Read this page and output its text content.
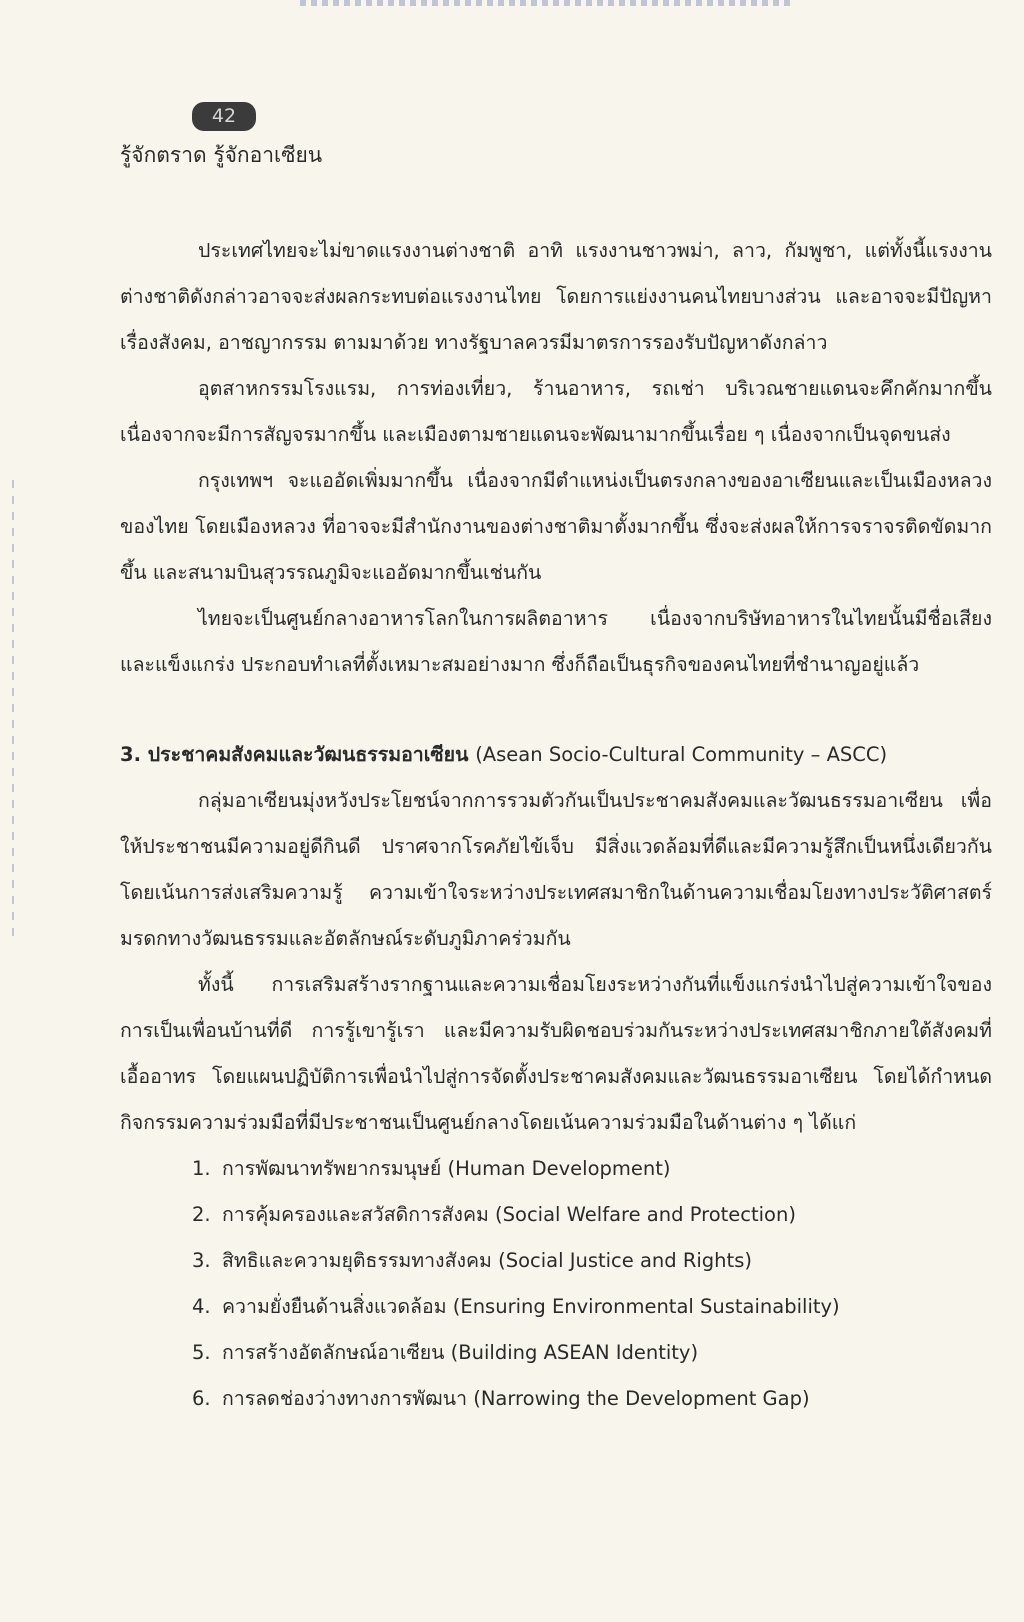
42
รู้จักตราด รู้จักอาเซียน

ประเทศไทยจะไม่ขาดแรงงานต่างชาติ อาทิ แรงงานชาวพม่า, ลาว, กัมพูชา, แต่ทั้งนี้แรงงานต่างชาติดังกล่าวอาจจะส่งผลกระทบต่อแรงงานไทย โดยการแย่งงานคนไทยบางส่วน และอาจจะมีปัญหาเรื่องสังคม, อาชญากรรม ตามมาด้วย ทางรัฐบาลควรมีมาตรการรองรับปัญหาดังกล่าว

อุตสาหกรรมโรงแรม, การท่องเที่ยว, ร้านอาหาร, รถเช่า บริเวณชายแดนจะคึกคักมากขึ้น เนื่องจากจะมีการสัญจรมากขึ้น และเมืองตามชายแดนจะพัฒนามากขึ้นเรื่อย ๆ เนื่องจากเป็นจุดขนส่ง

กรุงเทพฯ จะแออัดเพิ่มมากขึ้น เนื่องจากมีตำแหน่งเป็นตรงกลางของอาเซียนและเป็นเมืองหลวงของไทย โดยเมืองหลวง ที่อาจจะมีสำนักงานของต่างชาติมาตั้งมากขึ้น ซึ่งจะส่งผลให้การจราจรติดขัดมากขึ้น และสนามบินสุวรรณภูมิจะแออัดมากขึ้นเช่นกัน

ไทยจะเป็นศูนย์กลางอาหารโลกในการผลิตอาหาร เนื่องจากบริษัทอาหารในไทยนั้นมีชื่อเสียง และแข็งแกร่ง ประกอบทำเลที่ตั้งเหมาะสมอย่างมาก ซึ่งก็ถือเป็นธุรกิจของคนไทยที่ชำนาญอยู่แล้ว

3. ประชาคมสังคมและวัฒนธรรมอาเซียน (Asean Socio-Cultural Community – ASCC)

กลุ่มอาเซียนมุ่งหวังประโยชน์จากการรวมตัวกันเป็นประชาคมสังคมและวัฒนธรรมอาเซียน เพื่อให้ประชาชนมีความอยู่ดีกินดี ปราศจากโรคภัยไข้เจ็บ มีสิ่งแวดล้อมที่ดีและมีความรู้สึกเป็นหนึ่งเดียวกันโดยเน้นการส่งเสริมความรู้ ความเข้าใจระหว่างประเทศสมาชิกในด้านความเชื่อมโยงทางประวัติศาสตร์ มรดกทางวัฒนธรรมและอัตลักษณ์ระดับภูมิภาคร่วมกัน

ทั้งนี้ การเสริมสร้างรากฐานและความเชื่อมโยงระหว่างกันที่แข็งแกร่งนำไปสู่ความเข้าใจของการเป็นเพื่อนบ้านที่ดี การรู้เขารู้เรา และมีความรับผิดชอบร่วมกันระหว่างประเทศสมาชิกภายใต้สังคมที่เอื้ออาทร โดยแผนปฏิบัติการเพื่อนำไปสู่การจัดตั้งประชาคมสังคมและวัฒนธรรมอาเซียน โดยได้กำหนดกิจกรรมความร่วมมือที่มีประชาชนเป็นศูนย์กลางโดยเน้นความร่วมมือในด้านต่าง ๆ ได้แก่

1. การพัฒนาทรัพยากรมนุษย์ (Human Development)
2. การคุ้มครองและสวัสดิการสังคม (Social Welfare and Protection)
3. สิทธิและความยุติธรรมทางสังคม (Social Justice and Rights)
4. ความยั่งยืนด้านสิ่งแวดล้อม (Ensuring Environmental Sustainability)
5. การสร้างอัตลักษณ์อาเซียน (Building ASEAN Identity)
6. การลดช่องว่างทางการพัฒนา (Narrowing the Development Gap)
